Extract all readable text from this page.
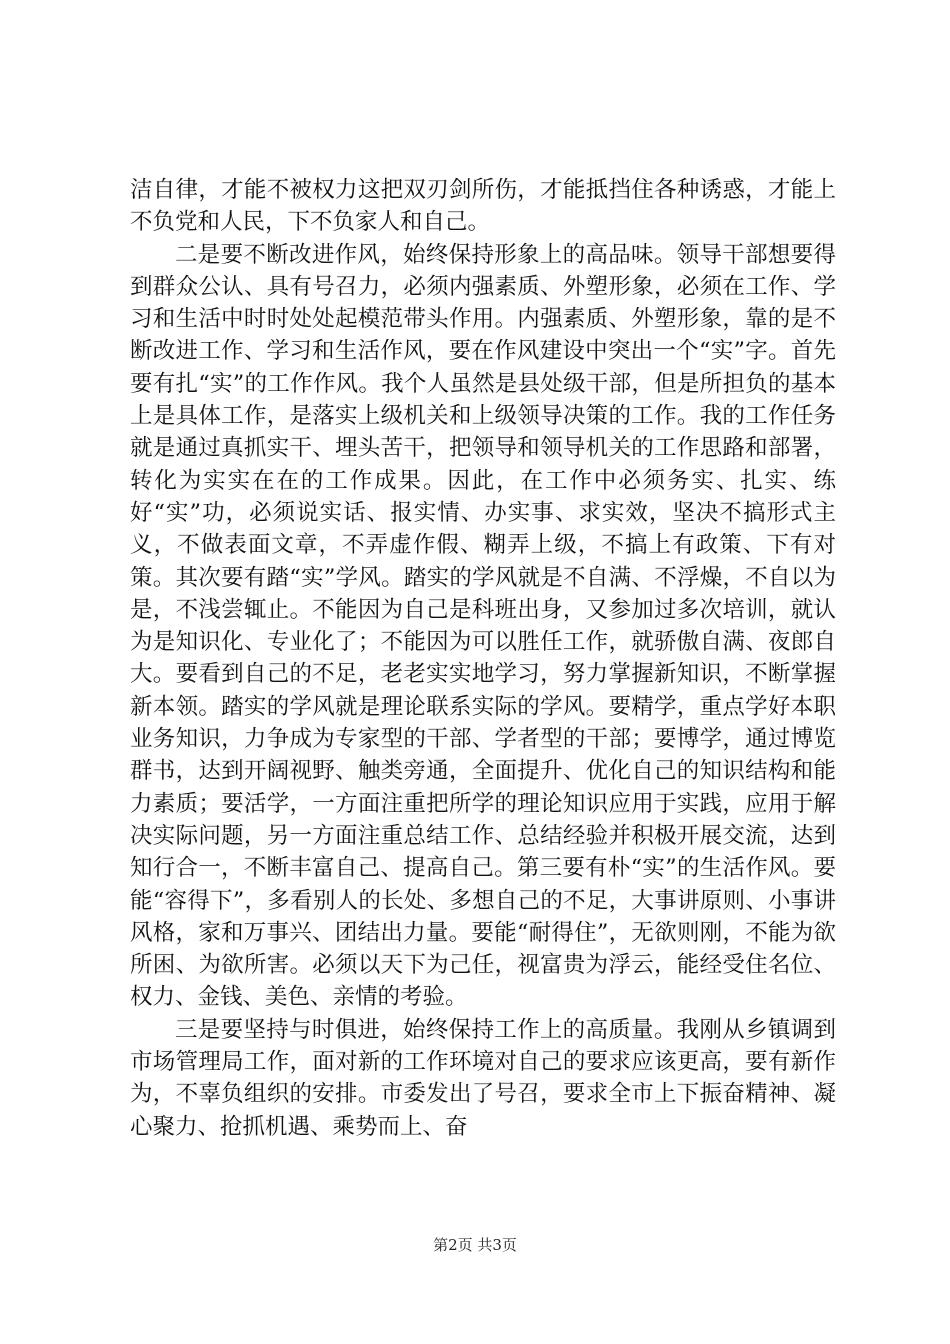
洁自律，才能不被权力这把双刃剑所伤，才能抵挡住各种诱惑，才能上不负党和人民，下不负家人和自己。

二是要不断改进作风，始终保持形象上的高品味。领导干部想要得到群众公认、具有号召力，必须内强素质、外塑形象，必须在工作、学习和生活中时时处处起模范带头作用。内强素质、外塑形象，靠的是不断改进工作、学习和生活作风，要在作风建设中突出一个“实”字。首先要有扎“实”的工作作风。我个人虽然是县处级干部，但是所担负的基本上是具体工作，是落实上级机关和上级领导决策的工作。我的工作任务就是通过真抓实干、埋头苦干，把领导和领导机关的工作思路和部署，转化为实实在在的工作成果。因此，在工作中必须务实、扎实、练好“实”功，必须说实话、报实情、办实事、求实效，坚决不搞形式主义，不做表面文章，不弄虚作假、糊弄上级，不搞上有政策、下有对策。其次要有踏“实”学风。踏实的学风就是不自满、不浮燥，不自以为是，不浅尝辄止。不能因为自己是科班出身，又参加过多次培训，就认为是知识化、专业化了；不能因为可以胜任工作，就骄傲自满、夜郎自大。要看到自己的不足，老老实实地学习，努力掌握新知识，不断掌握新本领。踏实的学风就是理论联系实际的学风。要精学，重点学好本职业务知识，力争成为专家型的干部、学者型的干部；要博学，通过博览群书，达到开阔视野、触类旁通，全面提升、优化自己的知识结构和能力素质；要活学，一方面注重把所学的理论知识应用于实践，应用于解决实际问题，另一方面注重总结工作、总结经验并积极开展交流，达到知行合一，不断丰富自己、提高自己。第三要有朴“实”的生活作风。要能“容得下”，多看别人的长处、多想自己的不足，大事讲原则、小事讲风格，家和万事兴、团结出力量。要能“耐得住”，无欲则刚，不能为欲所困、为欲所害。必须以天下为己任，视富贵为浮云，能经受住名位、权力、金钱、美色、亲情的考验。

三是要坚持与时俱进，始终保持工作上的高质量。我刚从乡镇调到市场管理局工作，面对新的工作环境对自己的要求应该更高，要有新作为，不辜负组织的安排。市委发出了号召，要求全市上下振奋精神、凝心聚力、抢抓机遇、乘势而上、奋

第2页 共3页
